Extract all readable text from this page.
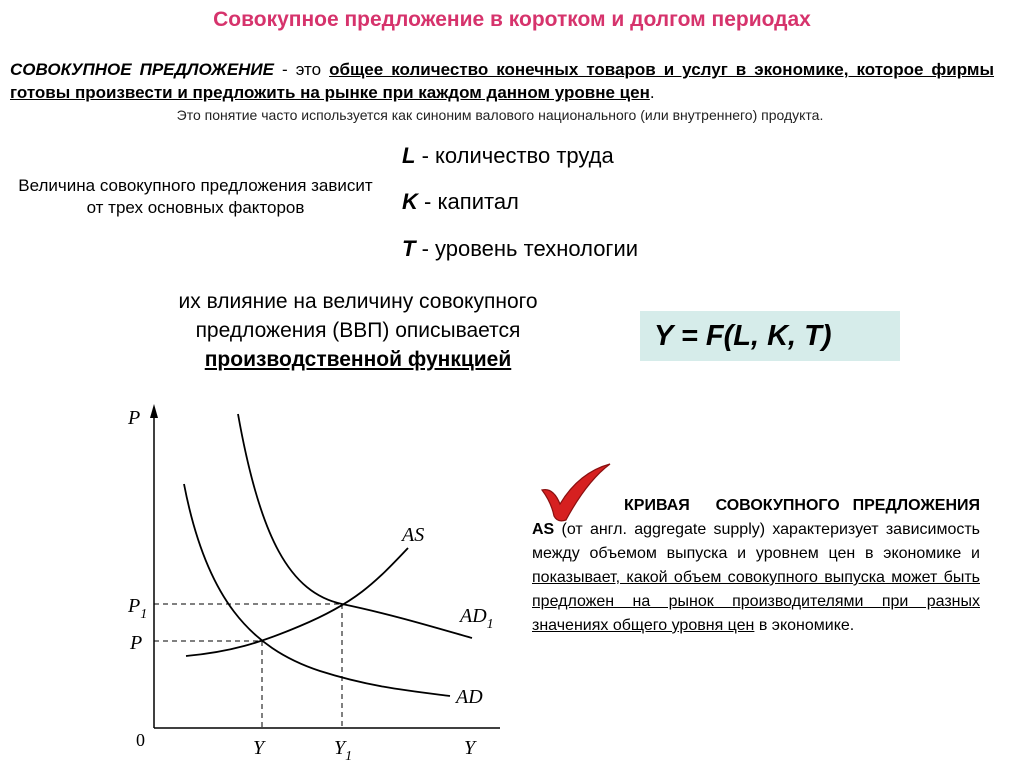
Совокупное предложение в коротком и долгом периодах
СОВОКУПНОЕ ПРЕДЛОЖЕНИЕ - это общее количество конечных товаров и услуг в экономике, которое фирмы готовы произвести и предложить на рынке при каждом данном уровне цен.
Это понятие часто используется как синоним валового национального (или внутреннего) продукта.
Величина совокупного предложения зависит от трех основных факторов
L - количество труда
K - капитал
T - уровень технологии
их влияние на величину совокупного предложения (ВВП) описывается
производственной функцией
Y = F(L, K, T)
P
Y
0
AS
$AD_1$
AD
$P_1$
P
Y	$Y_1$
КРИВАЯ СОВОКУПНОГО ПРЕДЛОЖЕНИЯ AS (от англ. aggregate supply) характеризует зависимость между объемом выпуска и уровнем цен в экономике и показывает, какой объем совокупного выпуска может быть предложен на рынок производителями при разных значениях общего уровня цен в экономике.
